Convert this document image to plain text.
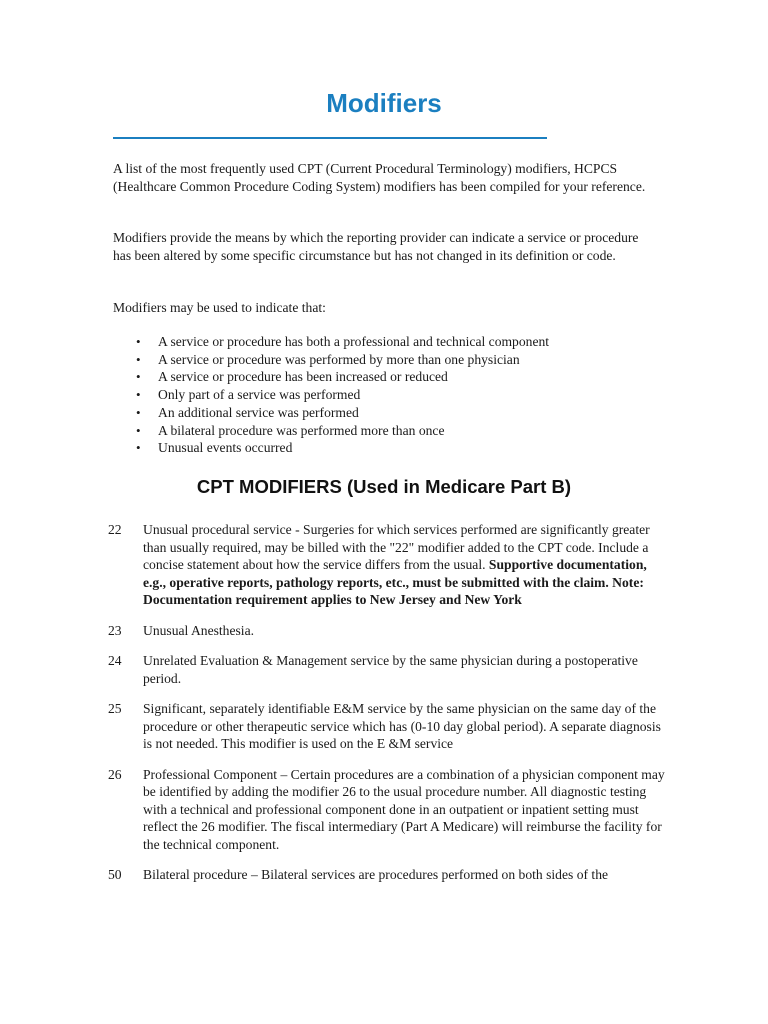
Modifiers

A list of the most frequently used CPT (Current Procedural Terminology) modifiers, HCPCS (Healthcare Common Procedure Coding System) modifiers has been compiled for your reference.

Modifiers provide the means by which the reporting provider can indicate a service or procedure has been altered by some specific circumstance but has not changed in its definition or code.

Modifiers may be used to indicate that:

• A service or procedure has both a professional and technical component
• A service or procedure was performed by more than one physician
• A service or procedure has been increased or reduced
• Only part of a service was performed
• An additional service was performed
• A bilateral procedure was performed more than once
• Unusual events occurred
CPT MODIFIERS (Used in Medicare Part B)
22	Unusual procedural service - Surgeries for which services performed are significantly greater than usually required, may be billed with the "22" modifier added to the CPT code. Include a concise statement about how the service differs from the usual. Supportive documentation, e.g., operative reports, pathology reports, etc., must be submitted with the claim. Note: Documentation requirement applies to New Jersey and New York
23	Unusual Anesthesia.
24	Unrelated Evaluation & Management service by the same physician during a postoperative period.
25	Significant, separately identifiable E&M service by the same physician on the same day of the procedure or other therapeutic service which has (0-10 day global period). A separate diagnosis is not needed. This modifier is used on the E &M service
26	Professional Component – Certain procedures are a combination of a physician component may be identified by adding the modifier 26 to the usual procedure number. All diagnostic testing with a technical and professional component done in an outpatient or inpatient setting must reflect the 26 modifier. The fiscal intermediary (Part A Medicare) will reimburse the facility for the technical component.
50	Bilateral procedure – Bilateral services are procedures performed on both sides of the
